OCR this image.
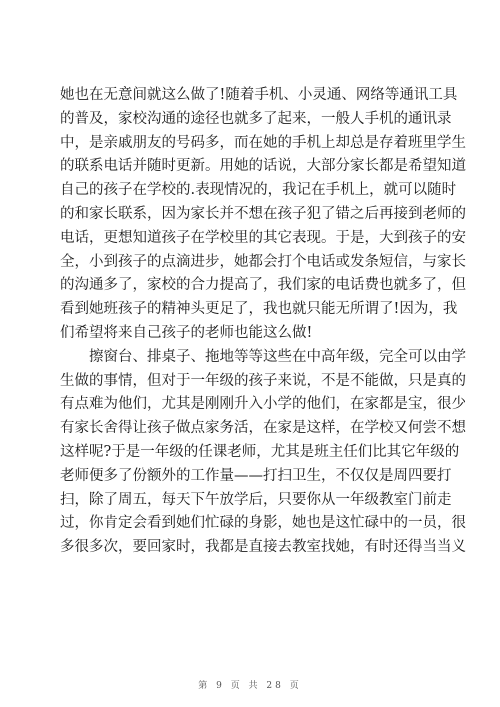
她也在无意间就这么做了!随着手机、小灵通、网络等通讯工具
的普及，家校沟通的途径也就多了起来，一般人手机的通讯录
中，是亲戚朋友的号码多，而在她的手机上却总是存着班里学生
的联系电话并随时更新。用她的话说，大部分家长都是希望知道
自己的孩子在学校的.表现情况的，我记在手机上，就可以随时
的和家长联系，因为家长并不想在孩子犯了错之后再接到老师的
电话，更想知道孩子在学校里的其它表现。于是，大到孩子的安
全，小到孩子的点滴进步，她都会打个电话或发条短信，与家长
的沟通多了，家校的合力提高了，我们家的电话费也就多了，但
看到她班孩子的精神头更足了，我也就只能无所谓了!因为，我
们希望将来自己孩子的老师也能这么做!
擦窗台、排桌子、拖地等等这些在中高年级，完全可以由学
生做的事情，但对于一年级的孩子来说，不是不能做，只是真的
有点难为他们，尤其是刚刚升入小学的他们，在家都是宝，很少
有家长舍得让孩子做点家务活，在家是这样，在学校又何尝不想
这样呢?于是一年级的任课老师，尤其是班主任们比其它年级的
老师便多了份额外的工作量——打扫卫生，不仅仅是周四要打
扫，除了周五，每天下午放学后，只要你从一年级教室门前走
过，你肯定会看到她们忙碌的身影，她也是这忙碌中的一员，很
多很多次，要回家时，我都是直接去教室找她，有时还得当当义
第 9 页 共 28 页
